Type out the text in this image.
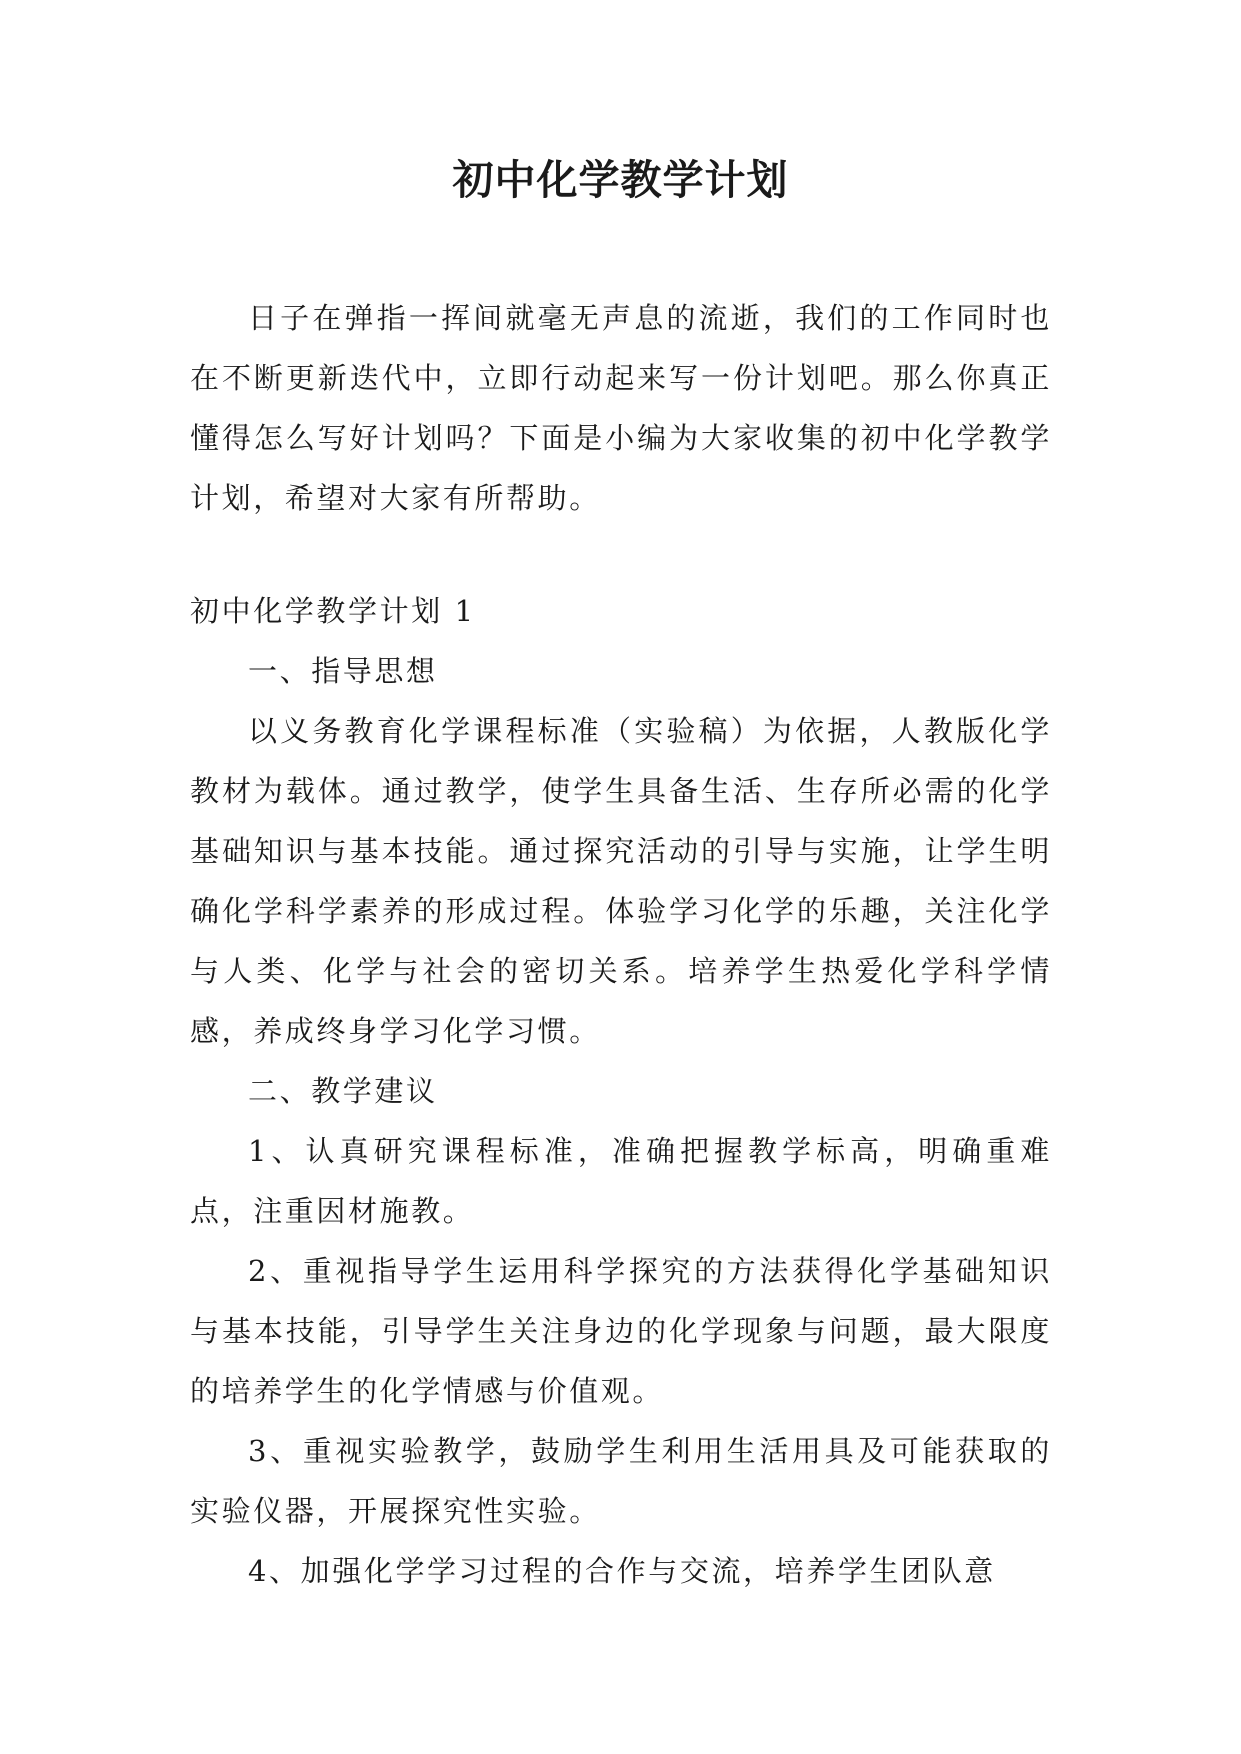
初中化学教学计划

日子在弹指一挥间就毫无声息的流逝，我们的工作同时也在不断更新迭代中，立即行动起来写一份计划吧。那么你真正懂得怎么写好计划吗？下面是小编为大家收集的初中化学教学计划，希望对大家有所帮助。

初中化学教学计划 1

一、指导思想

以义务教育化学课程标准（实验稿）为依据，人教版化学教材为载体。通过教学，使学生具备生活、生存所必需的化学基础知识与基本技能。通过探究活动的引导与实施，让学生明确化学科学素养的形成过程。体验学习化学的乐趣，关注化学与人类、化学与社会的密切关系。培养学生热爱化学科学情感，养成终身学习化学习惯。

二、教学建议

1、认真研究课程标准，准确把握教学标高，明确重难点，注重因材施教。

2、重视指导学生运用科学探究的方法获得化学基础知识与基本技能，引导学生关注身边的化学现象与问题，最大限度的培养学生的化学情感与价值观。

3、重视实验教学，鼓励学生利用生活用具及可能获取的实验仪器，开展探究性实验。

4、加强化学学习过程的合作与交流，培养学生团队意
